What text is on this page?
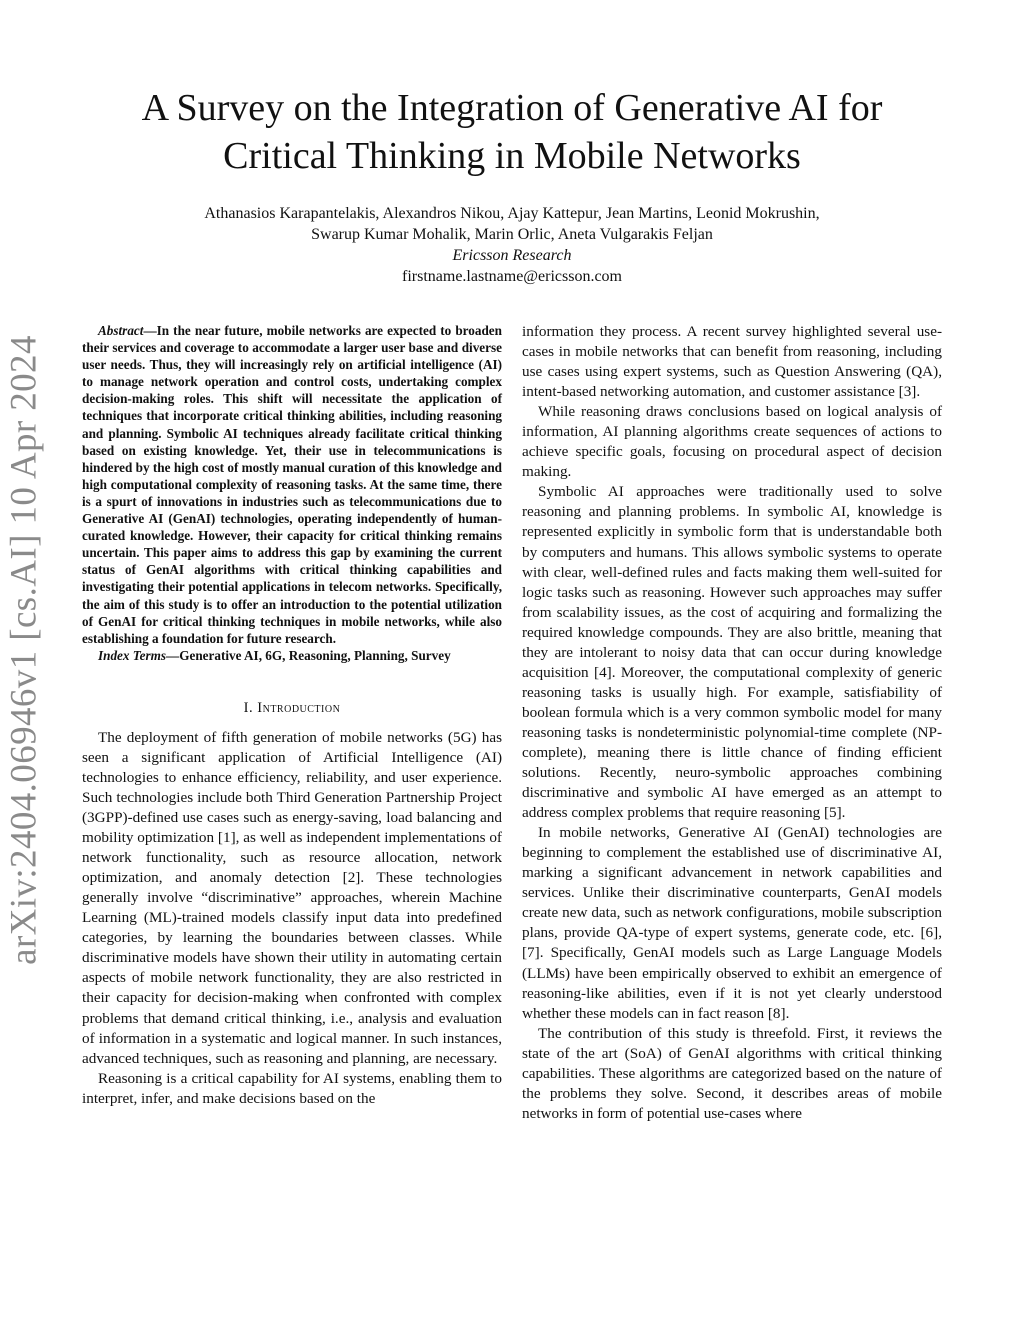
arXiv:2404.06946v1 [cs.AI] 10 Apr 2024
A Survey on the Integration of Generative AI for
Critical Thinking in Mobile Networks
Athanasios Karapantelakis, Alexandros Nikou, Ajay Kattepur, Jean Martins, Leonid Mokrushin,
Swarup Kumar Mohalik, Marin Orlic, Aneta Vulgarakis Feljan
Ericsson Research
firstname.lastname@ericsson.com

Abstract—In the near future, mobile networks are expected to broaden their services and coverage to accommodate a larger user base and diverse user needs. Thus, they will increasingly rely on artificial intelligence (AI) to manage network operation and control costs, undertaking complex decision-making roles. This shift will necessitate the application of techniques that incorporate critical thinking abilities, including reasoning and planning. Symbolic AI techniques already facilitate critical thinking based on existing knowledge. Yet, their use in telecommunications is hindered by the high cost of mostly manual curation of this knowledge and high computational complexity of reasoning tasks. At the same time, there is a spurt of innovations in industries such as telecommunications due to Generative AI (GenAI) technologies, operating independently of human-curated knowledge. However, their capacity for critical thinking remains uncertain. This paper aims to address this gap by examining the current status of GenAI algorithms with critical thinking capabilities and investigating their potential applications in telecom networks. Specifically, the aim of this study is to offer an introduction to the potential utilization of GenAI for critical thinking techniques in mobile networks, while also establishing a foundation for future research.

Index Terms—Generative AI, 6G, Reasoning, Planning, Survey

I. Introduction

The deployment of fifth generation of mobile networks (5G) has seen a significant application of Artificial Intelligence (AI) technologies to enhance efficiency, reliability, and user experience. Such technologies include both Third Generation Partnership Project (3GPP)-defined use cases such as energy-saving, load balancing and mobility optimization [1], as well as independent implementations of network functionality, such as resource allocation, network optimization, and anomaly detection [2]. These technologies generally involve “discriminative” approaches, wherein Machine Learning (ML)-trained models classify input data into predefined categories, by learning the boundaries between classes. While discriminative models have shown their utility in automating certain aspects of mobile network functionality, they are also restricted in their capacity for decision-making when confronted with complex problems that demand critical thinking, i.e., analysis and evaluation of information in a systematic and logical manner. In such instances, advanced techniques, such as reasoning and planning, are necessary.

Reasoning is a critical capability for AI systems, enabling them to interpret, infer, and make decisions based on the

information they process. A recent survey highlighted several use-cases in mobile networks that can benefit from reasoning, including use cases using expert systems, such as Question Answering (QA), intent-based networking automation, and customer assistance [3].

While reasoning draws conclusions based on logical analysis of information, AI planning algorithms create sequences of actions to achieve specific goals, focusing on procedural aspect of decision making.

Symbolic AI approaches were traditionally used to solve reasoning and planning problems. In symbolic AI, knowledge is represented explicitly in symbolic form that is understandable both by computers and humans. This allows symbolic systems to operate with clear, well-defined rules and facts making them well-suited for logic tasks such as reasoning. However such approaches may suffer from scalability issues, as the cost of acquiring and formalizing the required knowledge compounds. They are also brittle, meaning that they are intolerant to noisy data that can occur during knowledge acquisition [4]. Moreover, the computational complexity of generic reasoning tasks is usually high. For example, satisfiability of boolean formula which is a very common symbolic model for many reasoning tasks is nondeterministic polynomial-time complete (NP-complete), meaning there is little chance of finding efficient solutions. Recently, neuro-symbolic approaches combining discriminative and symbolic AI have emerged as an attempt to address complex problems that require reasoning [5].

In mobile networks, Generative AI (GenAI) technologies are beginning to complement the established use of discriminative AI, marking a significant advancement in network capabilities and services. Unlike their discriminative counterparts, GenAI models create new data, such as network configurations, mobile subscription plans, provide QA-type of expert systems, generate code, etc. [6], [7]. Specifically, GenAI models such as Large Language Models (LLMs) have been empirically observed to exhibit an emergence of reasoning-like abilities, even if it is not yet clearly understood whether these models can in fact reason [8].

The contribution of this study is threefold. First, it reviews the state of the art (SoA) of GenAI algorithms with critical thinking capabilities. These algorithms are categorized based on the nature of the problems they solve. Second, it describes areas of mobile networks in form of potential use-cases where
